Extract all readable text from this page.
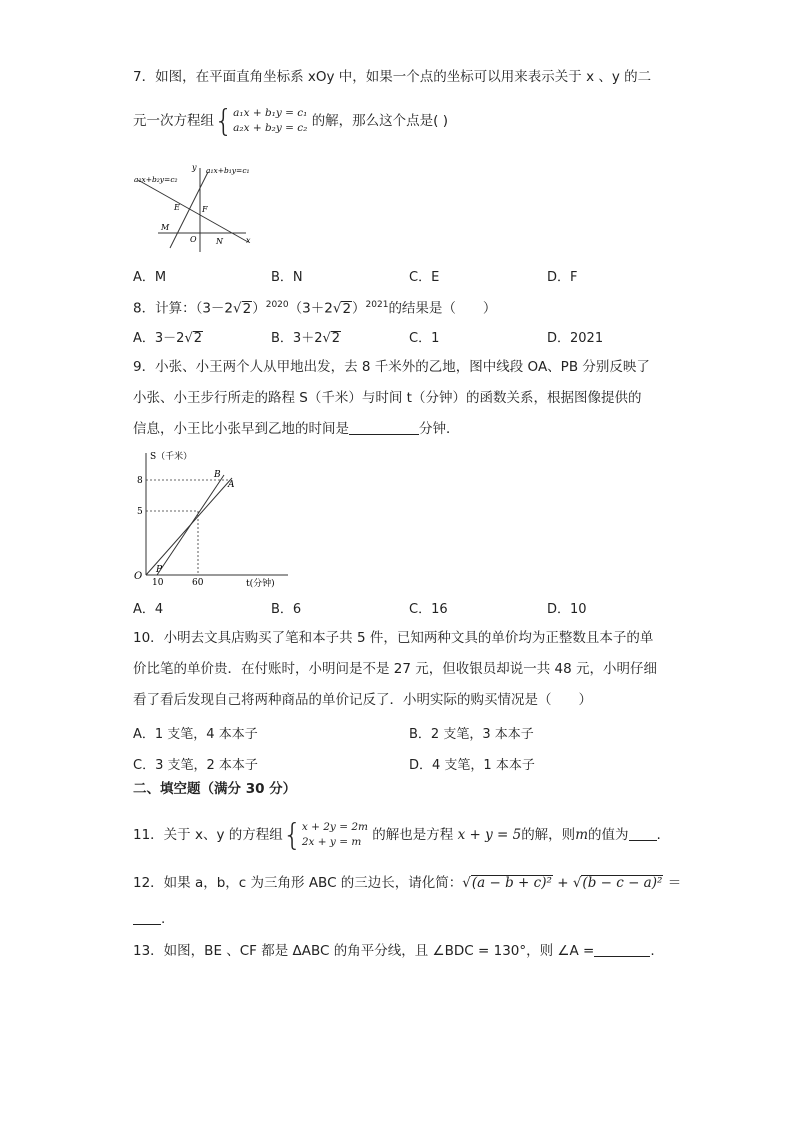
7．如图，在平面直角坐标系 xOy 中，如果一个点的坐标可以用来表示关于 x 、y 的二
元一次方程组{a₁x + b₁y = c₁
a₂x + b₂y = c₂ 的解，那么这个点是( )
a₂x+b₂y=c₂
a₁x+b₁y=c₁
y
x
O
E	F
M
N
A．M	B．N	C．E	D．F
8．计算：$(3-2√2)^{2020}(3+2√2)^{2021}$的结果是（　　）
A．3－2√2	B．3＋2√2	C．1	D．2021
9．小张、小王两个人从甲地出发，去 8 千米外的乙地，图中线段 OA、PB 分别反映了
小张、小王步行所走的路程 S（千米）与时间 t（分钟）的函数关系，根据图像提供的
信息，小王比小张早到乙地的时间是	分钟．
S（千米）
t(分钟)
8
5
10	60
O
P
A
B
A．4	B．6	C．16	D．10
10．小明去文具店购买了笔和本子共 5 件，已知两种文具的单价均为正整数且本子的单
价比笔的单价贵．在付账时，小明问是不是 27 元，但收银员却说一共 48 元，小明仔细
看了看后发现自己将两种商品的单价记反了．小明实际的购买情况是（　　）
A．1 支笔，4 本本子	B．2 支笔，3 本本子
C．3 支笔，2 本本子	D．4 支笔，1 本本子
二、填空题（满分 30 分）
11．关于 x、y 的方程组{x + 2y = 2m
2x + y = m 的解也是方程 x + y = 5的解，则m的值为 .
12．如果 a，b，c 为三角形 ABC 的三边长，请化简：√(a − b + c)² + √(b − c − a)² ＝
.
13．如图，BE 、CF 都是 ΔABC 的角平分线，且 ∠BDC = 130°，则 ∠A =	.
